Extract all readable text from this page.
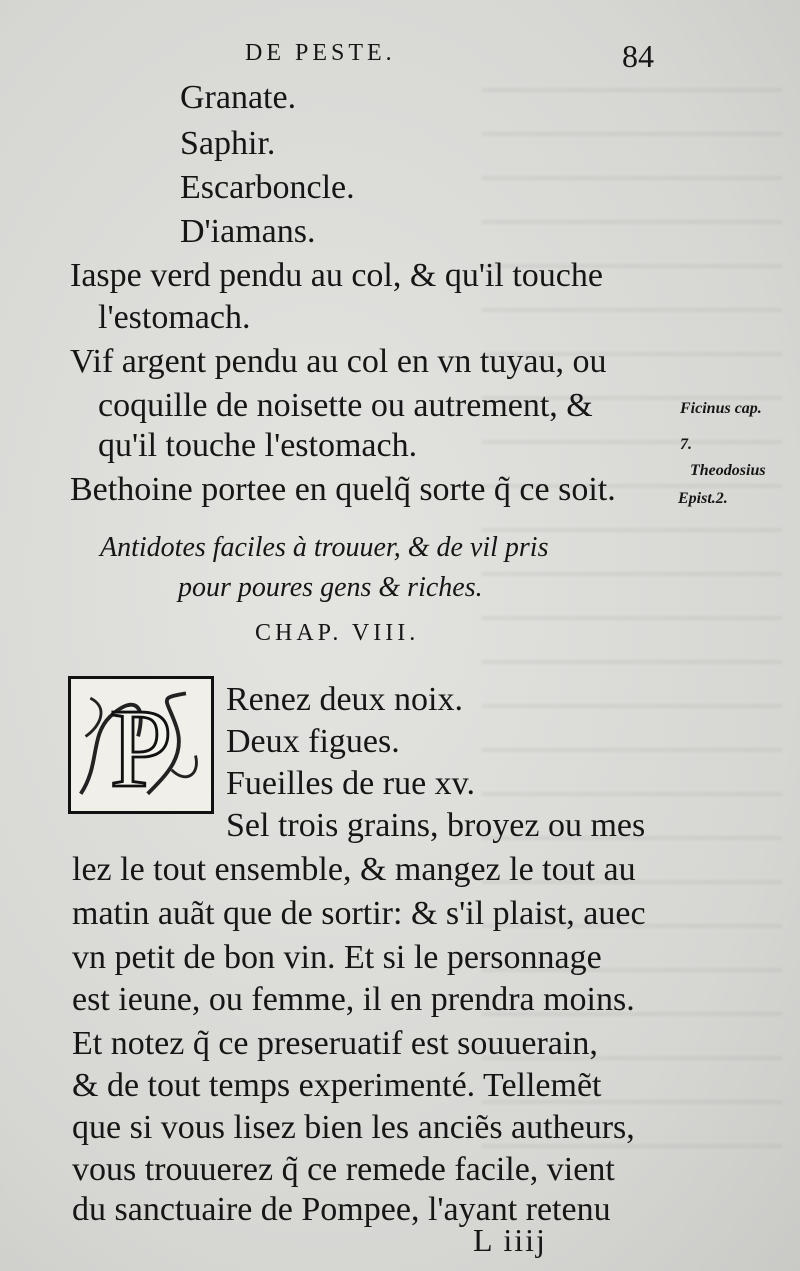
DE PESTE.	84
Granate.
Saphir.
Escarboncle.
D'iamans.
Iaspe verd pendu au col, & qu'il touche
l'estomach.
Vif argent pendu au col en vn tuyau, ou
coquille de noisette ou autrement, &
qu'il touche l'estomach.
Bethoine portee en quelq̃ sorte q̃ ce soit.
Ficinus cap.
7.
Theodosius
Epist.2.
Antidotes faciles à trouuer, & de vil pris
pour poures gens & riches.
CHAP. VIII.
P Renez deux noix.
Deux figues.
Fueilles de rue xv.
Sel trois grains, broyez ou mes
lez le tout ensemble, & mangez le tout au
matin auãt que de sortir: & s'il plaist, auec
vn petit de bon vin. Et si le personnage
est ieune, ou femme, il en prendra moins.
Et notez q̃ ce preseruatif est souuerain,
& de tout temps experimenté. Tellemẽt
que si vous lisez bien les anciẽs autheurs,
vous trouuerez q̃ ce remede facile, vient
du sanctuaire de Pompee, l'ayant retenu
L iiij
